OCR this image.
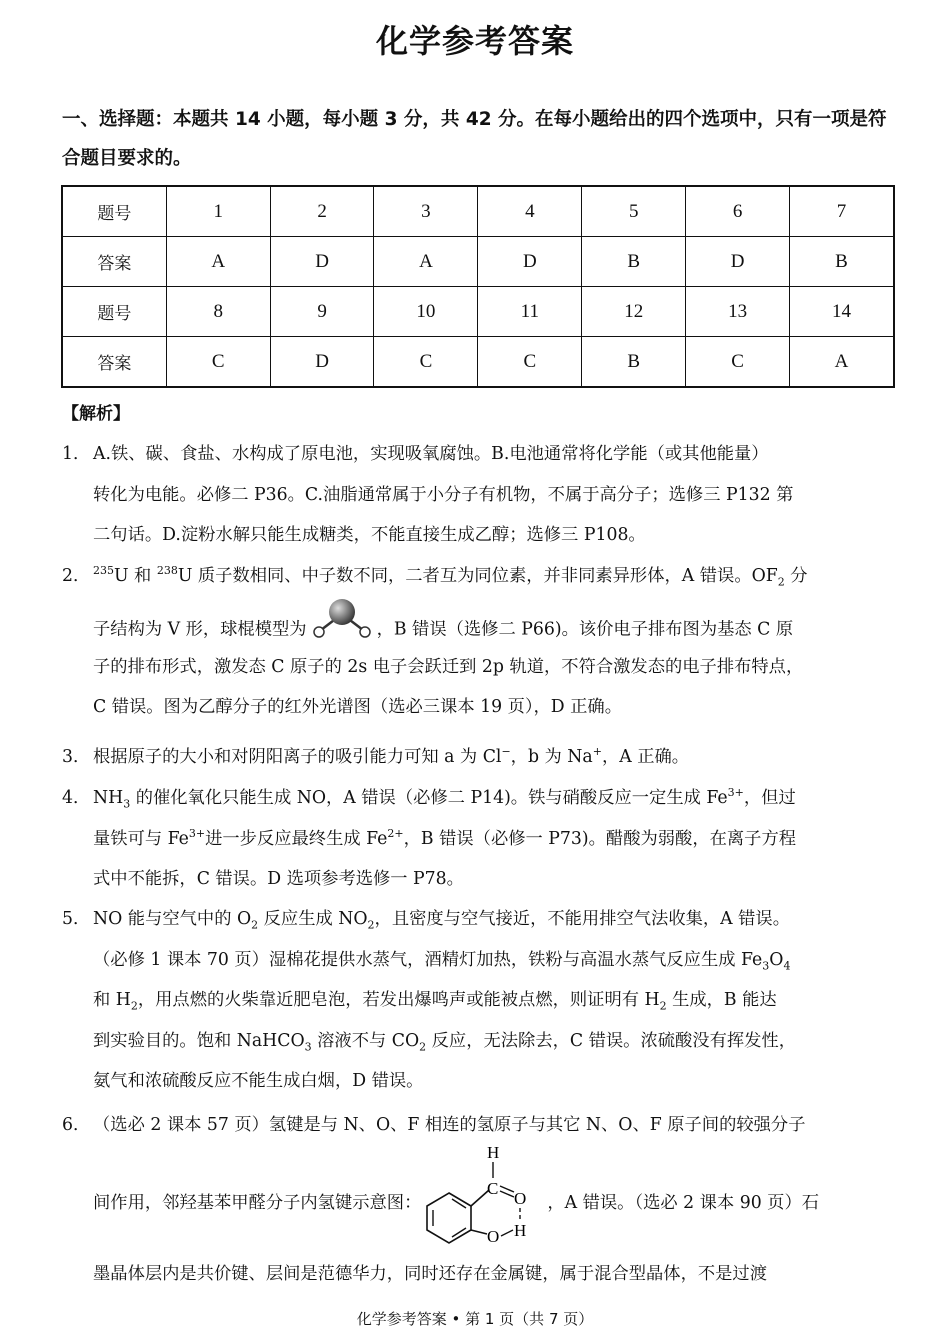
化学参考答案
一、选择题：本题共 14 小题，每小题 3 分，共 42 分。在每小题给出的四个选项中，只有一项是符合题目要求的。
题号	1	2	3	4	5	6	7
答案	A	D	A	D	B	D	B
题号	8	9	10	11	12	13	14
答案	C	D	C	C	B	C	A
【解析】
1． A.铁、碳、食盐、水构成了原电池，实现吸氧腐蚀。B.电池通常将化学能（或其他能量）
转化为电能。必修二 P36。C.油脂通常属于小分子有机物，不属于高分子；选修三 P132 第
二句话。D.淀粉水解只能生成糖类，不能直接生成乙醇；选修三 P108。
2． $^{235}$U 和 $^{238}$U 质子数相同、中子数不同，二者互为同位素，并非同素异形体，A 错误。$OF_2$ 分
子结构为 V 形，球棍模型为	，B 错误（选修二 P66)。该价电子排布图为基态 C 原
子的排布形式，激发态 C 原子的 2s 电子会跃迁到 2p 轨道，不符合激发态的电子排布特点，
C 错误。图为乙醇分子的红外光谱图（选必三课本 19 页），D 正确。
3． 根据原子的大小和对阴阳离子的吸引能力可知 a 为 Cl−，b 为 Na+，A 正确。
4． $NH_3$ 的催化氧化只能生成 NO，A 错误（必修二 P14)。铁与硝酸反应一定生成 $Fe^{3+}$，但过
量铁可与 $Fe^{3+}$进一步反应最终生成 $Fe^{2+}$，B 错误（必修一 P73)。醋酸为弱酸，在离子方程
式中不能拆，C 错误。D 选项参考选修一 P78。
5． NO 能与空气中的 $O_2$ 反应生成 $NO_2$，且密度与空气接近，不能用排空气法收集，A 错误。
（必修 1 课本 70 页）湿棉花提供水蒸气，酒精灯加热，铁粉与高温水蒸气反应生成 $Fe_3O_4$
和 $H_2$，用点燃的火柴靠近肥皂泡，若发出爆鸣声或能被点燃，则证明有 $H_2$ 生成，B 能达
到实验目的。饱和 NaHCO$_3$ 溶液不与 $CO_2$ 反应，无法除去，C 错误。浓硫酸没有挥发性，
氨气和浓硫酸反应不能生成白烟，D 错误。
6． （选必 2 课本 57 页）氢键是与 N、O、F 相连的氢原子与其它 N、O、F 原子间的较强分子
间作用，邻羟基苯甲醛分子内氢键示意图：
H
C
O
H
O
，A 错误。（选必 2 课本 90 页）石
墨晶体层内是共价键、层间是范德华力，同时还存在金属键，属于混合型晶体，不是过渡
化学参考答案 • 第 1 页（共 7 页）
